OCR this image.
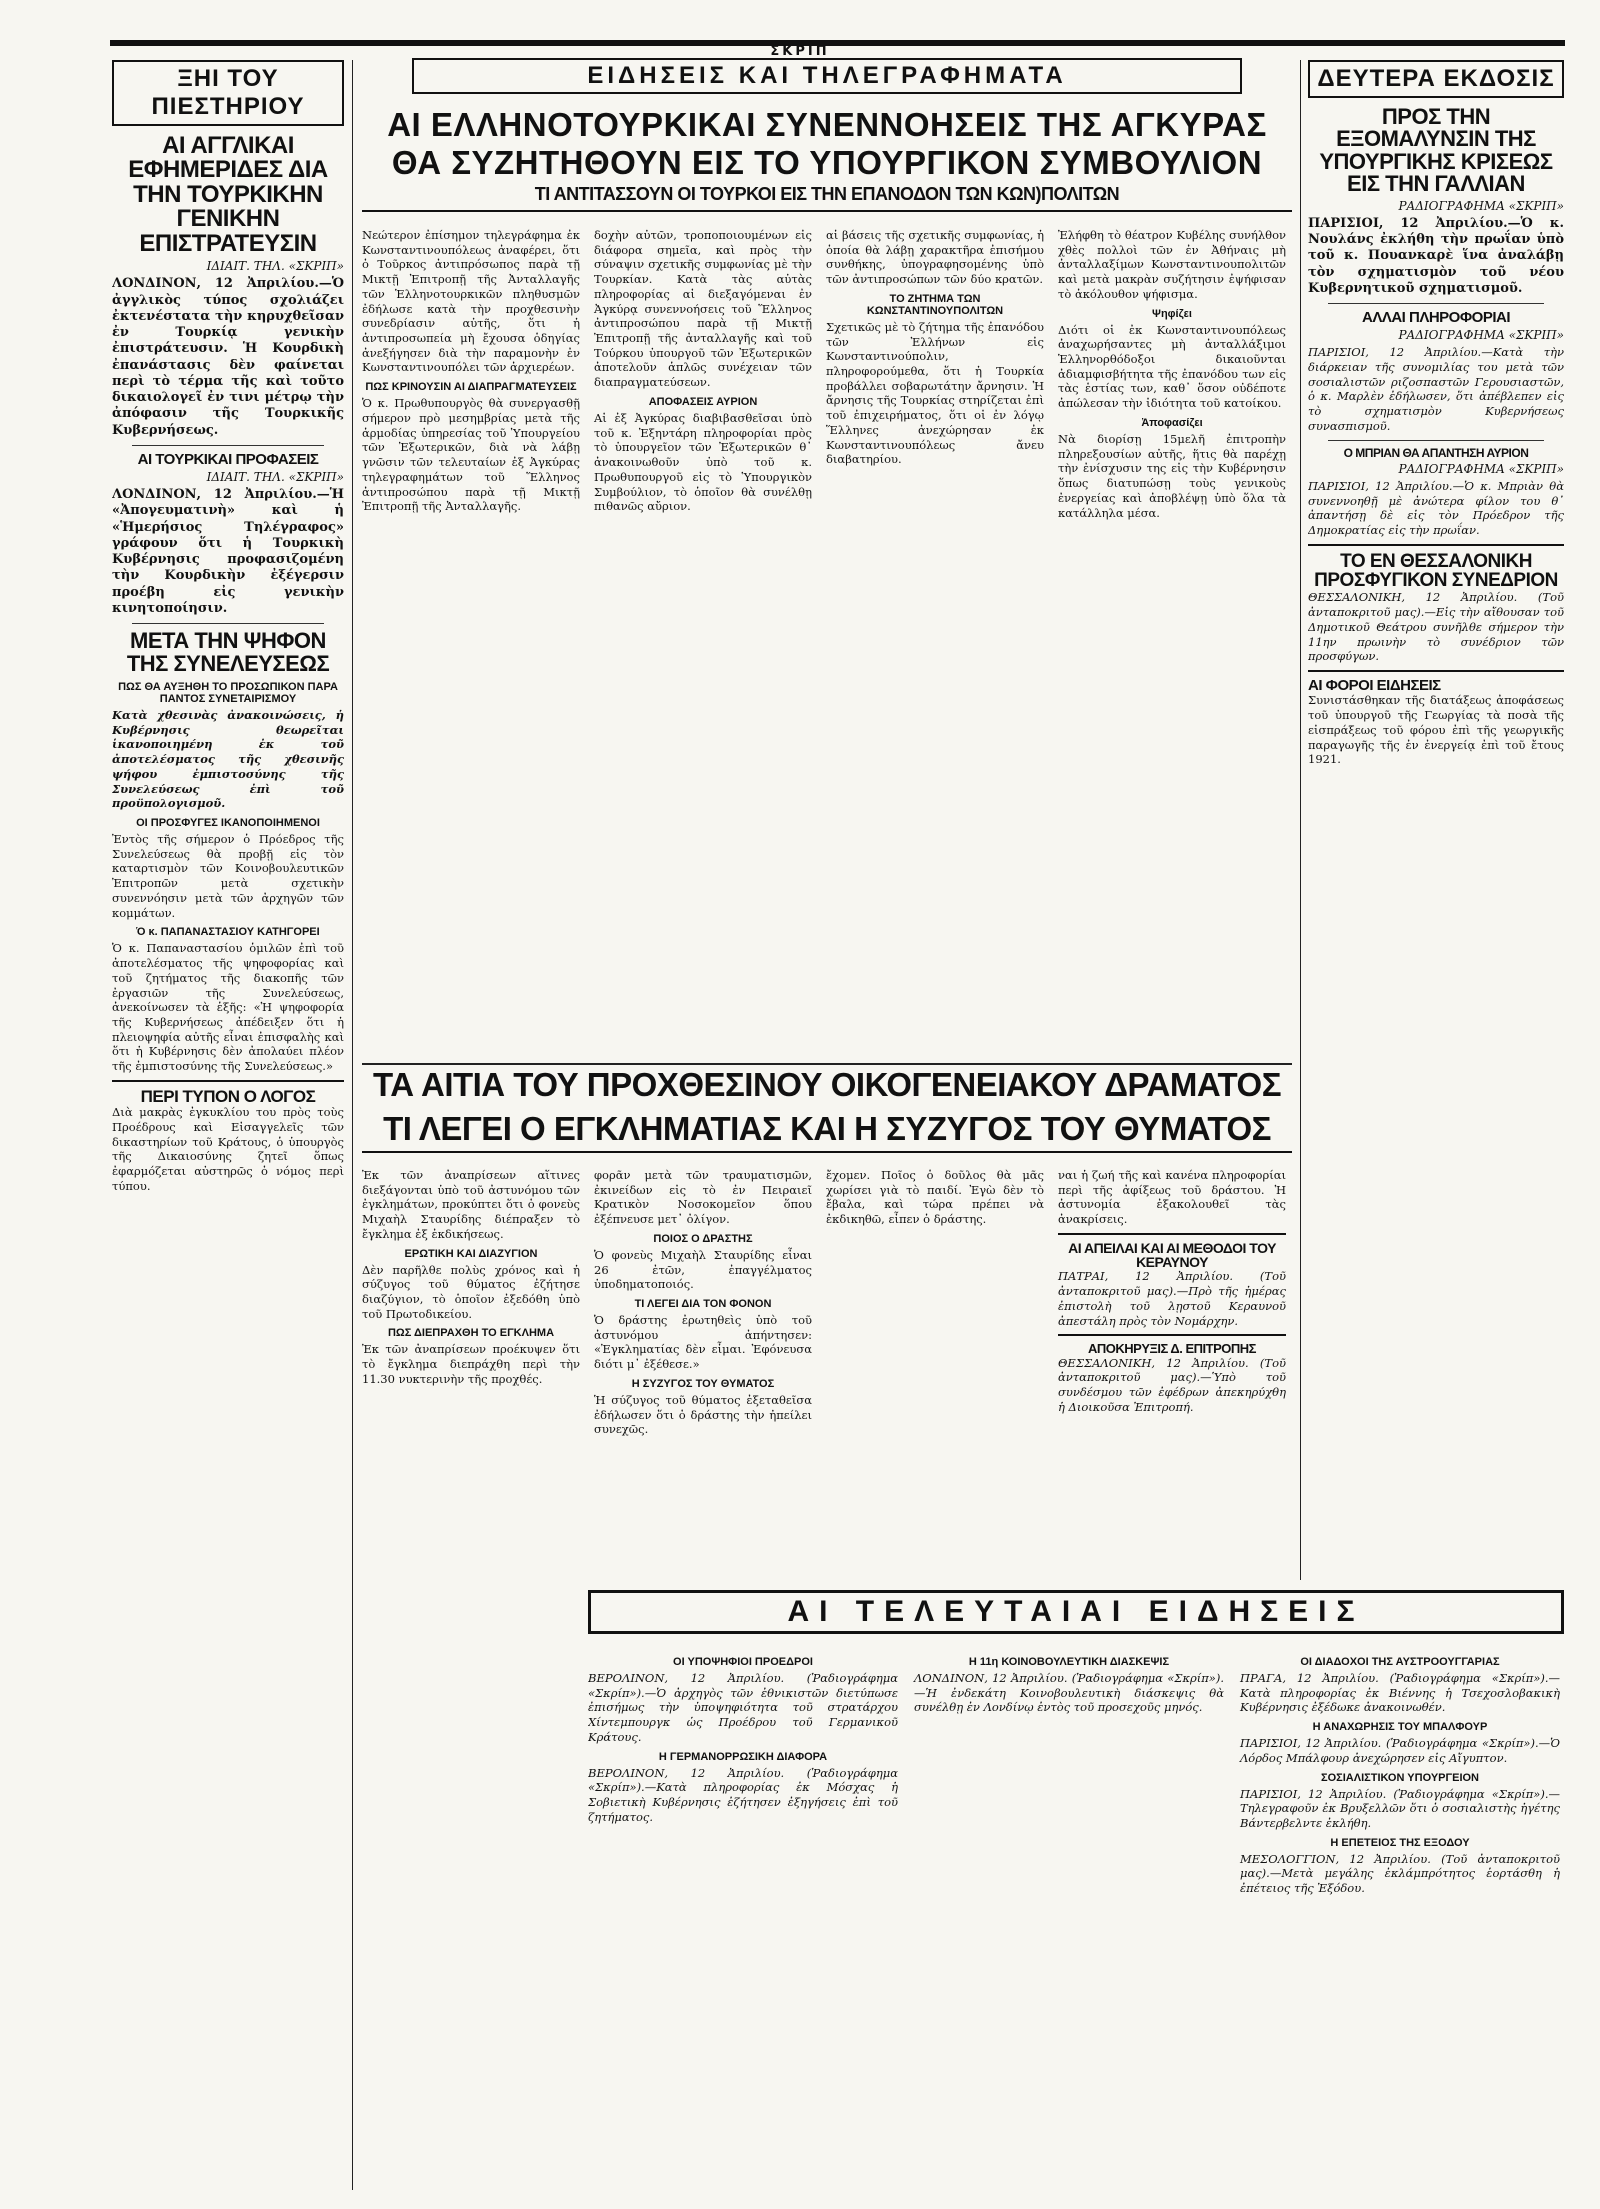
ΣΚΡΙΠ
ΞΗΙ ΤΟΥ ΠΙΕΣΤΗΡΙΟΥ
ΑΙ ΑΓΓΛΙΚΑΙ ΕΦΗΜΕΡΙΔΕΣ ΔΙΑ ΤΗΝ ΤΟΥΡΚΙΚΗΝ ΓΕΝΙΚΗΝ ΕΠΙΣΤΡΑΤΕΥΣΙΝ
ΙΔΙΑΙΤ. ΤΗΛ. «ΣΚΡΙΠ»

ΛΟΝΔΙΝΟΝ, 12 Ἀπριλίου.—Ὁ ἀγγλικὸς τύπος σχολιάζει ἐκτενέστατα τὴν κηρυχθεῖσαν ἐν Τουρκίᾳ γενικὴν ἐπιστράτευσιν. Ἡ Κουρδικὴ ἐπανάστασις δὲν φαίνεται περὶ τὸ τέρμα τῆς καὶ τοῦτο δικαιολογεῖ ἐν τινι μέτρῳ τὴν ἀπόφασιν τῆς Τουρκικῆς Κυβερνήσεως.

ΑΙ ΤΟΥΡΚΙΚΑΙ ΠΡΟΦΑΣΕΙΣ
ΙΔΙΑΙΤ. ΤΗΛ. «ΣΚΡΙΠ»

ΛΟΝΔΙΝΟΝ, 12 Ἀπριλίου.—Ἡ «Ἀπογευματινὴ» καὶ ἡ «Ἡμερήσιος Τηλέγραφος» γράφουν ὅτι ἡ Τουρκικὴ Κυβέρνησις προφασιζομένη τὴν Κουρδικὴν ἐξέγερσιν προέβη εἰς γενικὴν κινητοποίησιν.

ΜΕΤΑ ΤΗΝ ΨΗΦΟΝ ΤΗΣ ΣΥΝΕΛΕΥΣΕΩΣ
ΠΩΣ ΘΑ ΑΥΞΗΘΗ ΤΟ ΠΡΟΣΩΠΙΚΟΝ ΠΑΡΑ ΠΑΝΤΟΣ ΣΥΝΕΤΑΙΡΙΣΜΟΥ

Κατὰ χθεσινὰς ἀνακοινώσεις, ἡ Κυβέρνησις θεωρεῖται ἱκανοποιημένη ἐκ τοῦ ἀποτελέσματος τῆς χθεσινῆς ψήφου ἐμπιστοσύνης τῆς Συνελεύσεως ἐπὶ τοῦ προϋπολογισμοῦ.

ΟΙ ΠΡΟΣΦΥΓΕΣ ΙΚΑΝΟΠΟΙΗΜΕΝΟΙ

Ἐντὸς τῆς σήμερον ὁ Πρόεδρος τῆς Συνελεύσεως θὰ προβῇ εἰς τὸν καταρτισμὸν τῶν Κοινοβουλευτικῶν Ἐπιτροπῶν μετὰ σχετικὴν συνεννόησιν μετὰ τῶν ἀρχηγῶν τῶν κομμάτων.

Ὁ κ. ΠΑΠΑΝΑΣΤΑΣΙΟΥ ΚΑΤΗΓΟΡΕΙ

Ὁ κ. Παπαναστασίου ὁμιλῶν ἐπὶ τοῦ ἀποτελέσματος τῆς ψηφοφορίας καὶ τοῦ ζητήματος τῆς διακοπῆς τῶν ἐργασιῶν τῆς Συνελεύσεως, ἀνεκοίνωσεν τὰ ἑξῆς: «Ἡ ψηφοφορία τῆς Κυβερνήσεως ἀπέδειξεν ὅτι ἡ πλειοψηφία αὐτῆς εἶναι ἐπισφαλὴς καὶ ὅτι ἡ Κυβέρνησις δὲν ἀπολαύει πλέον τῆς ἐμπιστοσύνης τῆς Συνελεύσεως.»

ΠΕΡΙ ΤΥΠΟΝ Ο ΛΟΓΟΣ

Διὰ μακρὰς ἐγκυκλίου του πρὸς τοὺς Προέδρους καὶ Εἰσαγγελεῖς τῶν δικαστηρίων τοῦ Κράτους, ὁ ὑπουργὸς τῆς Δικαιοσύνης ζητεῖ ὅπως ἐφαρμόζεται αὐστηρῶς ὁ νόμος περὶ τύπου.

ΕΙΔΗΣΕΙΣ ΚΑΙ ΤΗΛΕΓΡΑΦΗΜΑΤΑ
ΑΙ ΕΛΛΗΝΟΤΟΥΡΚΙΚΑΙ ΣΥΝΕΝΝΟΗΣΕΙΣ ΤΗΣ ΑΓΚΥΡΑΣ
ΘΑ ΣΥΖΗΤΗΘΟΥΝ ΕΙΣ ΤΟ ΥΠΟΥΡΓΙΚΟΝ ΣΥΜΒΟΥΛΙΟΝ
ΤΙ ΑΝΤΙΤΑΣΣΟΥΝ ΟΙ ΤΟΥΡΚΟΙ ΕΙΣ ΤΗΝ ΕΠΑΝΟΔΟΝ ΤΩΝ ΚΩΝ)ΠΟΛΙΤΩΝ

Νεώτερον ἐπίσημον τηλεγράφημα ἐκ Κωνσταντινουπόλεως ἀναφέρει, ὅτι ὁ Τοῦρκος ἀντιπρόσωπος παρὰ τῇ Μικτῇ Ἐπιτροπῇ τῆς Ἀνταλλαγῆς τῶν Ἑλληνοτουρκικῶν πληθυσμῶν ἐδήλωσε κατὰ τὴν προχθεσινὴν συνεδρίασιν αὐτῆς, ὅτι ἡ ἀντιπροσωπεία μὴ ἔχουσα ὁδηγίας ἀνεξήγησεν διὰ τὴν παραμονὴν ἐν Κωνσταντινουπόλει τῶν ἀρχιερέων.

ΠΩΣ ΚΡΙΝΟΥΣΙΝ ΑΙ ΔΙΑΠΡΑΓΜΑΤΕΥΣΕΙΣ

Ὁ κ. Πρωθυπουργὸς θὰ συνεργασθῇ σήμερον πρὸ μεσημβρίας μετὰ τῆς ἁρμοδίας ὑπηρεσίας τοῦ Ὑπουργείου τῶν Ἐξωτερικῶν, διὰ νὰ λάβῃ γνῶσιν τῶν τελευταίων ἐξ Ἀγκύρας τηλεγραφημάτων τοῦ Ἕλληνος ἀντιπροσώπου παρὰ τῇ Μικτῇ Ἐπιτροπῇ τῆς Ἀνταλλαγῆς.

δοχὴν αὐτῶν, τροποποιουμένων εἰς διάφορα σημεῖα, καὶ πρὸς τὴν σύναψιν σχετικῆς συμφωνίας μὲ τὴν Τουρκίαν. Κατὰ τὰς αὐτὰς πληροφορίας αἱ διεξαγόμεναι ἐν Ἀγκύρᾳ συνεννοήσεις τοῦ Ἕλληνος ἀντιπροσώπου παρὰ τῇ Μικτῇ Ἐπιτροπῇ τῆς ἀνταλλαγῆς καὶ τοῦ Τούρκου ὑπουργοῦ τῶν Ἐξωτερικῶν ἀποτελοῦν ἁπλῶς συνέχειαν τῶν διαπραγματεύσεων.

ΑΠΟΦΑΣΕΙΣ ΑΥΡΙΟΝ

Αἱ ἐξ Ἀγκύρας διαβιβασθεῖσαι ὑπὸ τοῦ κ. Ἐξηντάρη πληροφορίαι πρὸς τὸ ὑπουργεῖον τῶν Ἐξωτερικῶν θ᾽ ἀνακοινωθοῦν ὑπὸ τοῦ κ. Πρωθυπουργοῦ εἰς τὸ Ὑπουργικὸν Συμβούλιον, τὸ ὁποῖον θὰ συνέλθῃ πιθανῶς αὔριον.

αἱ βάσεις τῆς σχετικῆς συμφωνίας, ἡ ὁποία θὰ λάβῃ χαρακτῆρα ἐπισήμου συνθήκης, ὑπογραφησομένης ὑπὸ τῶν ἀντιπροσώπων τῶν δύο κρατῶν.

ΤΟ ΖΗΤΗΜΑ ΤΩΝ ΚΩΝΣΤΑΝΤΙΝΟΥΠΟΛΙΤΩΝ

Σχετικῶς μὲ τὸ ζήτημα τῆς ἐπανόδου τῶν Ἑλλήνων εἰς Κωνσταντινούπολιν, πληροφορούμεθα, ὅτι ἡ Τουρκία προβάλλει σοβαρωτάτην ἄρνησιν. Ἡ ἄρνησις τῆς Τουρκίας στηρίζεται ἐπὶ τοῦ ἐπιχειρήματος, ὅτι οἱ ἐν λόγῳ Ἕλληνες ἀνεχώρησαν ἐκ Κωνσταντινουπόλεως ἄνευ διαβατηρίου.

Ἐλήφθη τὸ θέατρον Κυβέλης συνήλθον χθὲς πολλοὶ τῶν ἐν Ἀθήναις μὴ ἀνταλλαξίμων Κωνσταντινουπολιτῶν καὶ μετὰ μακρὰν συζήτησιν ἐψήφισαν τὸ ἀκόλουθον ψήφισμα.

Ψηφίζει

Διότι οἱ ἐκ Κωνσταντινουπόλεως ἀναχωρήσαντες μὴ ἀνταλλάξιμοι Ἑλληνορθόδοξοι δικαιοῦνται ἀδιαμφισβήτητα τῆς ἐπανόδου των εἰς τὰς ἑστίας των, καθ᾽ ὅσον οὐδέποτε ἀπώλεσαν τὴν ἰδιότητα τοῦ κατοίκου.

Ἀποφασίζει

Νὰ διορίσῃ 15μελῆ ἐπιτροπὴν πληρεξουσίων αὐτῆς, ἥτις θὰ παρέχῃ τὴν ἐνίσχυσιν της εἰς τὴν Κυβέρνησιν ὅπως διατυπώσῃ τοὺς γενικοὺς ἐνεργείας καὶ ἀποβλέψῃ ὑπὸ ὅλα τὰ κατάλληλα μέσα.

ΔΕΥΤΕΡΑ ΕΚΔΟΣΙΣ
ΠΡΟΣ ΤΗΝ ΕΞΟΜΑΛΥΝΣΙΝ ΤΗΣ ΥΠΟΥΡΓΙΚΗΣ ΚΡΙΣΕΩΣ ΕΙΣ ΤΗΝ ΓΑΛΛΙΑΝ
ΡΑΔΙΟΓΡΑΦΗΜΑ «ΣΚΡΙΠ»

ΠΑΡΙΣΙΟΙ, 12 Ἀπριλίου.—Ὁ κ. Νουλάνς ἐκλήθη τὴν πρωΐαν ὑπὸ τοῦ κ. Πουανκαρὲ ἵνα ἀναλάβῃ τὸν σχηματισμὸν τοῦ νέου Κυβερνητικοῦ σχηματισμοῦ.

ΑΛΛΑΙ ΠΛΗΡΟΦΟΡΙΑΙ
ΡΑΔΙΟΓΡΑΦΗΜΑ «ΣΚΡΙΠ»

ΠΑΡΙΣΙΟΙ, 12 Ἀπριλίου.—Κατὰ τὴν διάρκειαν τῆς συνομιλίας του μετὰ τῶν σοσιαλιστῶν ριζοσπαστῶν Γερουσιαστῶν, ὁ κ. Μαρλὲν ἐδήλωσεν, ὅτι ἀπέβλεπεν εἰς τὸ σχηματισμὸν Κυβερνήσεως συνασπισμοῦ.

Ο ΜΠΡΙΑΝ ΘΑ ΑΠΑΝΤΗΣΗ ΑΥΡΙΟΝ
ΡΑΔΙΟΓΡΑΦΗΜΑ «ΣΚΡΙΠ»

ΠΑΡΙΣΙΟΙ, 12 Ἀπριλίου.—Ὁ κ. Μπριὰν θὰ συνεννοηθῇ μὲ ἀνώτερα φίλον του θ᾽ ἀπαντήσῃ δὲ εἰς τὸν Πρόεδρον τῆς Δημοκρατίας εἰς τὴν πρωΐαν.

ΤΟ ΕΝ ΘΕΣΣΑΛΟΝΙΚΗ ΠΡΟΣΦΥΓΙΚΟΝ ΣΥΝΕΔΡΙΟΝ

ΘΕΣΣΑΛΟΝΙΚΗ, 12 Ἀπριλίου. (Τοῦ ἀνταποκριτοῦ μας).—Εἰς τὴν αἴθουσαν τοῦ Δημοτικοῦ Θεάτρου συνῆλθε σήμερον τὴν 11ην πρωινὴν τὸ συνέδριον τῶν προσφύγων.

ΑΙ ΦΟΡΟΙ ΕΙΔΗΣΕΙΣ

Συνιστάσθηκαν τῆς διατάξεως ἀποφάσεως τοῦ ὑπουργοῦ τῆς Γεωργίας τὰ ποσὰ τῆς εἰσπράξεως τοῦ φόρου ἐπὶ τῆς γεωργικῆς παραγωγῆς τῆς ἐν ἐνεργείᾳ ἐπὶ τοῦ ἔτους 1921.

ΤΑ ΑΙΤΙΑ ΤΟΥ ΠΡΟΧΘΕΣΙΝΟΥ ΟΙΚΟΓΕΝΕΙΑΚΟΥ ΔΡΑΜΑΤΟΣ
ΤΙ ΛΕΓΕΙ Ο ΕΓΚΛΗΜΑΤΙΑΣ ΚΑΙ Η ΣΥΖΥΓΟΣ ΤΟΥ ΘΥΜΑΤΟΣ

Ἐκ τῶν ἀναπρίσεων αἵτινες διεξάγονται ὑπὸ τοῦ ἀστυνόμου τῶν ἐγκλημάτων, προκύπτει ὅτι ὁ φονεὺς Μιχαὴλ Σταυρίδης διέπραξεν τὸ ἔγκλημα ἐξ ἐκδικήσεως.

ΕΡΩΤΙΚΗ ΚΑΙ ΔΙΑΖΥΓΙΟΝ

Δὲν παρῆλθε πολὺς χρόνος καὶ ἡ σύζυγος τοῦ θύματος ἐζήτησε διαζύγιον, τὸ ὁποῖον ἐξεδόθη ὑπὸ τοῦ Πρωτοδικείου.

ΠΩΣ ΔΙΕΠΡΑΧΘΗ ΤΟ ΕΓΚΛΗΜΑ

Ἐκ τῶν ἀναπρίσεων προέκυψεν ὅτι τὸ ἔγκλημα διεπράχθη περὶ τὴν 11.30 νυκτερινὴν τῆς προχθές.

φορᾶν μετὰ τῶν τραυματισμῶν, ἐκινείδων εἰς τὸ ἐν Πειραιεῖ Κρατικὸν Νοσοκομεῖον ὅπου ἐξέπνευσε μετ᾽ ὀλίγον.

ΠΟΙΟΣ Ο ΔΡΑΣΤΗΣ

Ὁ φονεὺς Μιχαὴλ Σταυρίδης εἶναι 26 ἐτῶν, ἐπαγγέλματος ὑποδηματοποιός.

ΤΙ ΛΕΓΕΙ ΔΙΑ ΤΟΝ ΦΟΝΟΝ

Ὁ δράστης ἐρωτηθεὶς ὑπὸ τοῦ ἀστυνόμου ἀπήντησεν: «Ἐγκληματίας δὲν εἶμαι. Ἐφόνευσα διότι μ᾽ ἐξέθεσε.»

Η ΣΥΖΥΓΟΣ ΤΟΥ ΘΥΜΑΤΟΣ

Ἡ σύζυγος τοῦ θύματος ἐξεταθεῖσα ἐδήλωσεν ὅτι ὁ δράστης τὴν ἠπείλει συνεχῶς.

ἔχομεν. Ποῖος ὁ δοῦλος θὰ μᾶς χωρίσει γιὰ τὸ παιδί. Ἐγὼ δὲν τὸ ἔβαλα, καὶ τώρα πρέπει νὰ ἐκδικηθῶ, εἶπεν ὁ δράστης.

ναι ἡ ζωή τῆς καὶ κανένα πληροφορίαι περὶ τῆς ἀφίξεως τοῦ δράστου. Ἡ ἀστυνομία ἐξακολουθεῖ τὰς ἀνακρίσεις.

ΑΙ ΑΠΕΙΛΑΙ ΚΑΙ ΑΙ ΜΕΘΟΔΟΙ ΤΟΥ ΚΕΡΑΥΝΟΥ

ΠΑΤΡΑΙ, 12 Ἀπριλίου. (Τοῦ ἀνταποκριτοῦ μας).—Πρὸ τῆς ἡμέρας ἐπιστολὴ τοῦ λῃστοῦ Κεραυνοῦ ἀπεστάλη πρὸς τὸν Νομάρχην.

ΑΠΟΚΗΡΥΞΙΣ Δ. ΕΠΙΤΡΟΠΗΣ

ΘΕΣΣΑΛΟΝΙΚΗ, 12 Ἀπριλίου. (Τοῦ ἀνταποκριτοῦ μας).—Ὑπὸ τοῦ συνδέσμου τῶν ἐφέδρων ἀπεκηρύχθη ἡ Διοικοῦσα Ἐπιτροπή.

ΑΙ ΤΕΛΕΥΤΑΙΑΙ ΕΙΔΗΣΕΙΣ
ΟΙ ΥΠΟΨΗΦΙΟΙ ΠΡΟΕΔΡΟΙ

ΒΕΡΟΛΙΝΟΝ, 12 Ἀπριλίου. (Ῥαδιογράφημα «Σκρίπ»).—Ὁ ἀρχηγὸς τῶν ἐθνικιστῶν διετύπωσε ἐπισήμως τὴν ὑποψηφιότητα τοῦ στρατάρχου Χίντεμπουργκ ὡς Προέδρου τοῦ Γερμανικοῦ Κράτους.

Η ΓΕΡΜΑΝΟΡΡΩΣΙΚΗ ΔΙΑΦΟΡΑ

ΒΕΡΟΛΙΝΟΝ, 12 Ἀπριλίου. (Ῥαδιογράφημα «Σκρίπ»).—Κατὰ πληροφορίας ἐκ Μόσχας ἡ Σοβιετικὴ Κυβέρνησις ἐζήτησεν ἐξηγήσεις ἐπὶ τοῦ ζητήματος.

Η 11η ΚΟΙΝΟΒΟΥΛΕΥΤΙΚΗ ΔΙΑΣΚΕΨΙΣ

ΛΟΝΔΙΝΟΝ, 12 Ἀπριλίου. (Ῥαδιογράφημα «Σκρίπ»).—Ἡ ἐνδεκάτη Κοινοβουλευτικὴ διάσκεψις θὰ συνέλθῃ ἐν Λονδίνῳ ἐντὸς τοῦ προσεχοῦς μηνός.

ΟΙ ΔΙΑΔΟΧΟΙ ΤΗΣ ΑΥΣΤΡΟΟΥΓΓΑΡΙΑΣ

ΠΡΑΓΑ, 12 Ἀπριλίου. (Ῥαδιογράφημα «Σκρίπ»).—Κατὰ πληροφορίας ἐκ Βιέννης ἡ Τσεχοσλοβακικὴ Κυβέρνησις ἐξέδωκε ἀνακοινωθέν.

Η ΑΝΑΧΩΡΗΣΙΣ ΤΟΥ ΜΠΑΛΦΟΥΡ

ΠΑΡΙΣΙΟΙ, 12 Ἀπριλίου. (Ῥαδιογράφημα «Σκρίπ»).—Ὁ Λόρδος Μπάλφουρ ἀνεχώρησεν εἰς Αἴγυπτον.

ΣΟΣΙΑΛΙΣΤΙΚΟΝ ΥΠΟΥΡΓΕΙΟΝ

ΠΑΡΙΣΙΟΙ, 12 Ἀπριλίου. (Ῥαδιογράφημα «Σκρίπ»).—Τηλεγραφοῦν ἐκ Βρυξελλῶν ὅτι ὁ σοσιαλιστὴς ἡγέτης Βάντερβελντε ἐκλήθη.

Η ΕΠΕΤΕΙΟΣ ΤΗΣ ΕΞΟΔΟΥ

ΜΕΣΟΛΟΓΓΙΟΝ, 12 Ἀπριλίου. (Τοῦ ἀνταποκριτοῦ μας).—Μετὰ μεγάλης ἐκλάμπρότητος ἑορτάσθη ἡ ἐπέτειος τῆς Ἐξόδου.
